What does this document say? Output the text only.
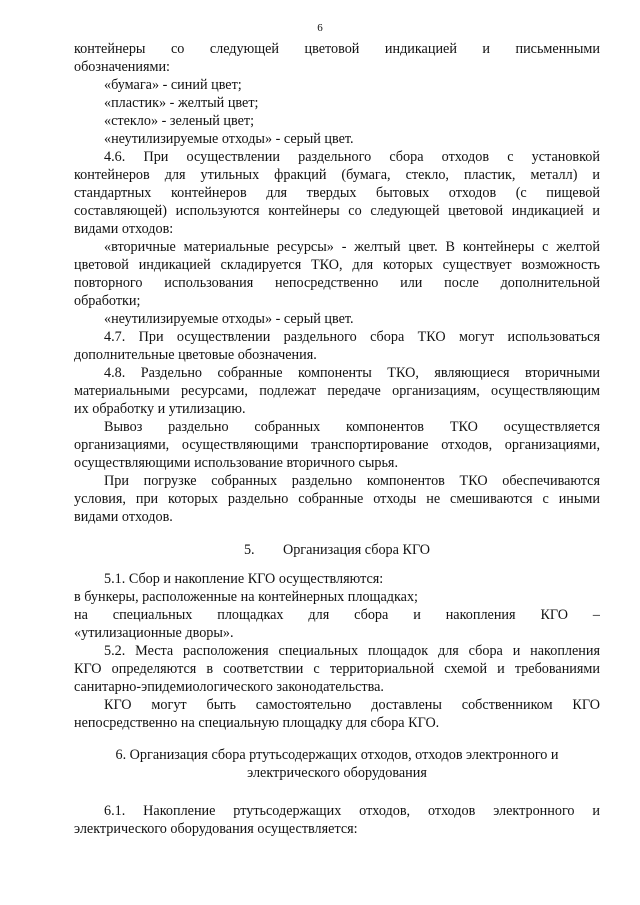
6
контейнеры со следующей цветовой индикацией и письменными
обозначениями:
«бумага» - синий цвет;
«пластик» - желтый цвет;
«стекло» - зеленый цвет;
«неутилизируемые отходы» - серый цвет.
4.6. При осуществлении раздельного сбора отходов с установкой
контейнеров для утильных фракций (бумага, стекло, пластик, металл) и
стандартных контейнеров для твердых бытовых отходов (с пищевой
составляющей) используются контейнеры со следующей цветовой индикацией и
видами отходов:
«вторичные материальные ресурсы» - желтый цвет. В контейнеры с желтой
цветовой индикацией складируется ТКО, для которых существует возможность
повторного использования непосредственно или после дополнительной
обработки;
«неутилизируемые отходы» - серый цвет.
4.7. При осуществлении раздельного сбора ТКО могут использоваться
дополнительные цветовые обозначения.
4.8. Раздельно собранные компоненты ТКО, являющиеся вторичными
материальными ресурсами, подлежат передаче организациям, осуществляющим
их обработку и утилизацию.
Вывоз раздельно собранных компонентов ТКО осуществляется
организациями, осуществляющими транспортирование отходов, организациями,
осуществляющими использование вторичного сырья.
При погрузке собранных раздельно компонентов ТКО обеспечиваются
условия, при которых раздельно собранные отходы не смешиваются с иными
видами отходов.
5.        Организация сбора КГО
5.1. Сбор и накопление КГО осуществляются:
в бункеры, расположенные на контейнерных площадках;
на специальных площадках для сбора и накопления КГО –
«утилизационные дворы».
5.2. Места расположения специальных площадок для сбора и накопления
КГО определяются в соответствии с территориальной схемой и требованиями
санитарно-эпидемиологического законодательства.
КГО могут быть самостоятельно доставлены собственником КГО
непосредственно на специальную площадку для сбора КГО.
6. Организация сбора ртутьсодержащих отходов, отходов электронного и
электрического оборудования
6.1. Накопление ртутьсодержащих отходов, отходов электронного и
электрического оборудования осуществляется:
